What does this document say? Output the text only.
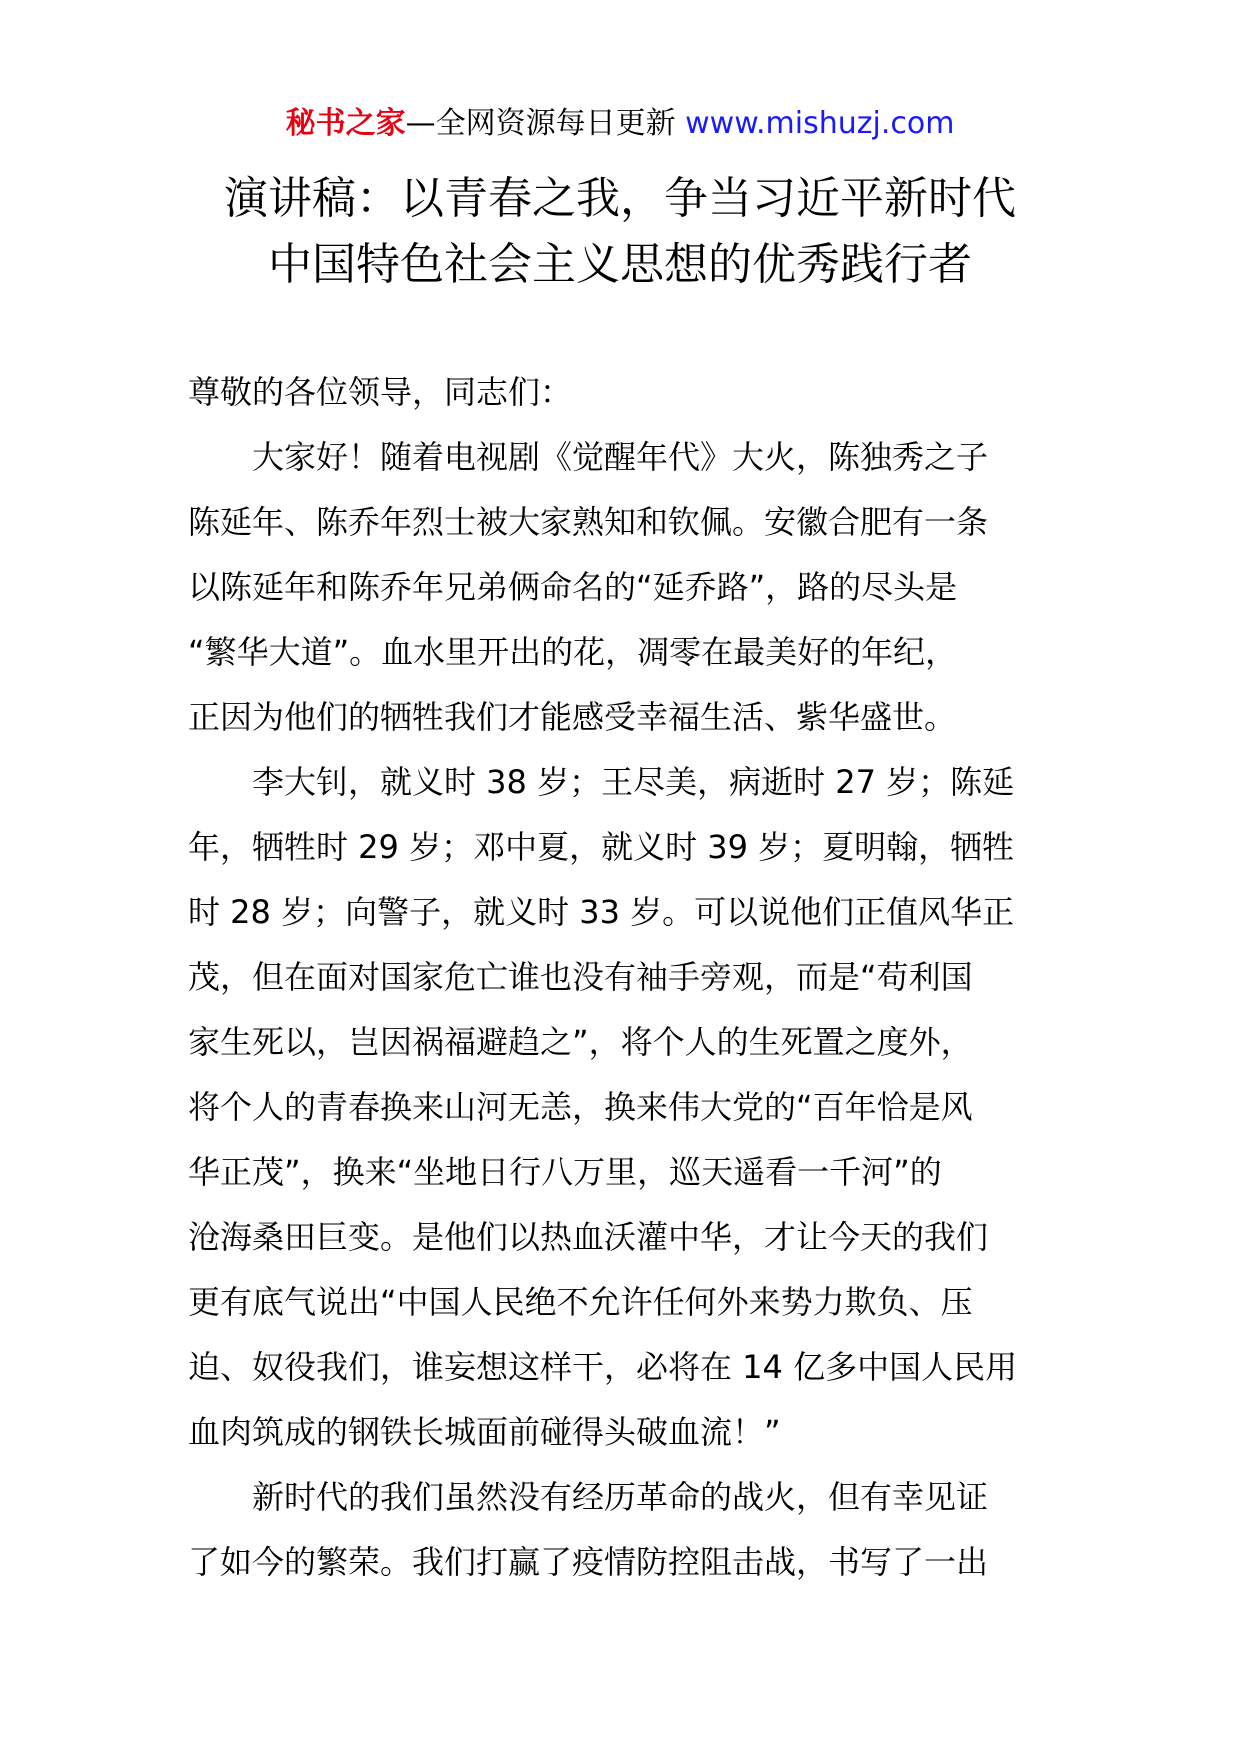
秘书之家—全网资源每日更新 www.mishuzj.com
演讲稿：以青春之我，争当习近平新时代
中国特色社会主义思想的优秀践行者
尊敬的各位领导，同志们：
大家好！随着电视剧《觉醒年代》大火，陈独秀之子
陈延年、陈乔年烈士被大家熟知和钦佩。安徽合肥有一条
以陈延年和陈乔年兄弟俩命名的“延乔路”，路的尽头是
“繁华大道”。血水里开出的花，凋零在最美好的年纪，
正因为他们的牺牲我们才能感受幸福生活、紫华盛世。
李大钊，就义时 38 岁；王尽美，病逝时 27 岁；陈延
年，牺牲时 29 岁；邓中夏，就义时 39 岁；夏明翰，牺牲
时 28 岁；向警子，就义时 33 岁。可以说他们正值风华正
茂，但在面对国家危亡谁也没有袖手旁观，而是“苟利国
家生死以，岂因祸福避趋之”，将个人的生死置之度外，
将个人的青春换来山河无恙，换来伟大党的“百年恰是风
华正茂”，换来“坐地日行八万里，巡天遥看一千河”的
沧海桑田巨变。是他们以热血沃灌中华，才让今天的我们
更有底气说出“中国人民绝不允许任何外来势力欺负、压
迫、奴役我们，谁妄想这样干，必将在 14 亿多中国人民用
血肉筑成的钢铁长城面前碰得头破血流！”
新时代的我们虽然没有经历革命的战火，但有幸见证
了如今的繁荣。我们打赢了疫情防控阻击战，书写了一出
